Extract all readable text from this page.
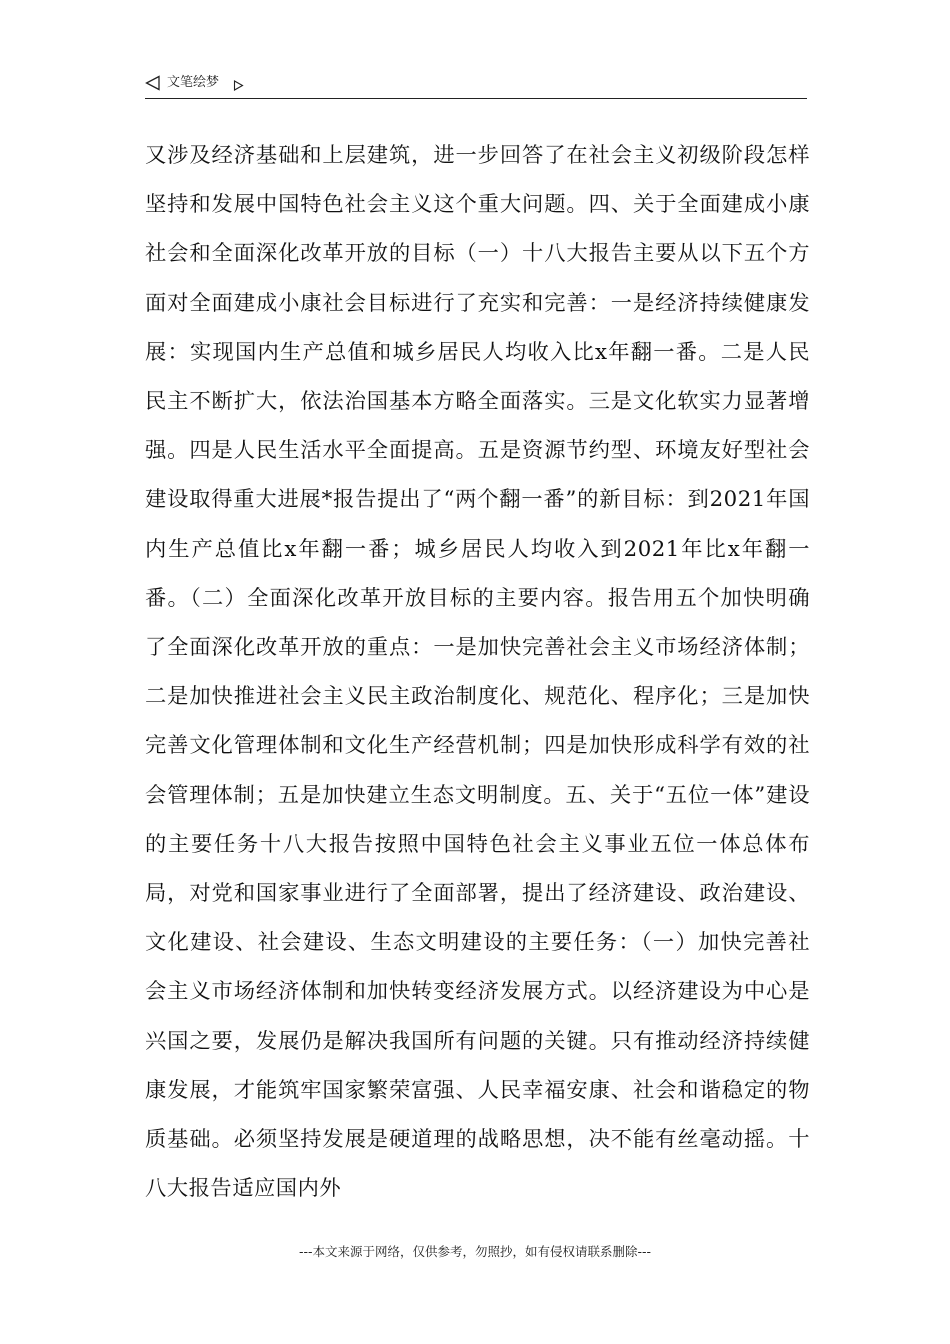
文笔绘梦

又涉及经济基础和上层建筑，进一步回答了在社会主义初级阶段怎样坚持和发展中国特色社会主义这个重大问题。四、关于全面建成小康社会和全面深化改革开放的目标（一）十八大报告主要从以下五个方面对全面建成小康社会目标进行了充实和完善：一是经济持续健康发展：实现国内生产总值和城乡居民人均收入比x年翻一番。二是人民民主不断扩大，依法治国基本方略全面落实。三是文化软实力显著增强。四是人民生活水平全面提高。五是资源节约型、环境友好型社会建设取得重大进展*报告提出了“两个翻一番”的新目标：到2021年国内生产总值比x年翻一番；城乡居民人均收入到2021年比x年翻一番。（二）全面深化改革开放目标的主要内容。报告用五个加快明确了全面深化改革开放的重点：一是加快完善社会主义市场经济体制；二是加快推进社会主义民主政治制度化、规范化、程序化；三是加快完善文化管理体制和文化生产经营机制；四是加快形成科学有效的社会管理体制；五是加快建立生态文明制度。五、关于“五位一体”建设的主要任务十八大报告按照中国特色社会主义事业五位一体总体布局，对党和国家事业进行了全面部署，提出了经济建设、政治建设、文化建设、社会建设、生态文明建设的主要任务：（一）加快完善社会主义市场经济体制和加快转变经济发展方式。以经济建设为中心是兴国之要，发展仍是解决我国所有问题的关键。只有推动经济持续健康发展，才能筑牢国家繁荣富强、人民幸福安康、社会和谐稳定的物质基础。必须坚持发展是硬道理的战略思想，决不能有丝毫动摇。十八大报告适应国内外

---本文来源于网络，仅供参考，勿照抄，如有侵权请联系删除---
